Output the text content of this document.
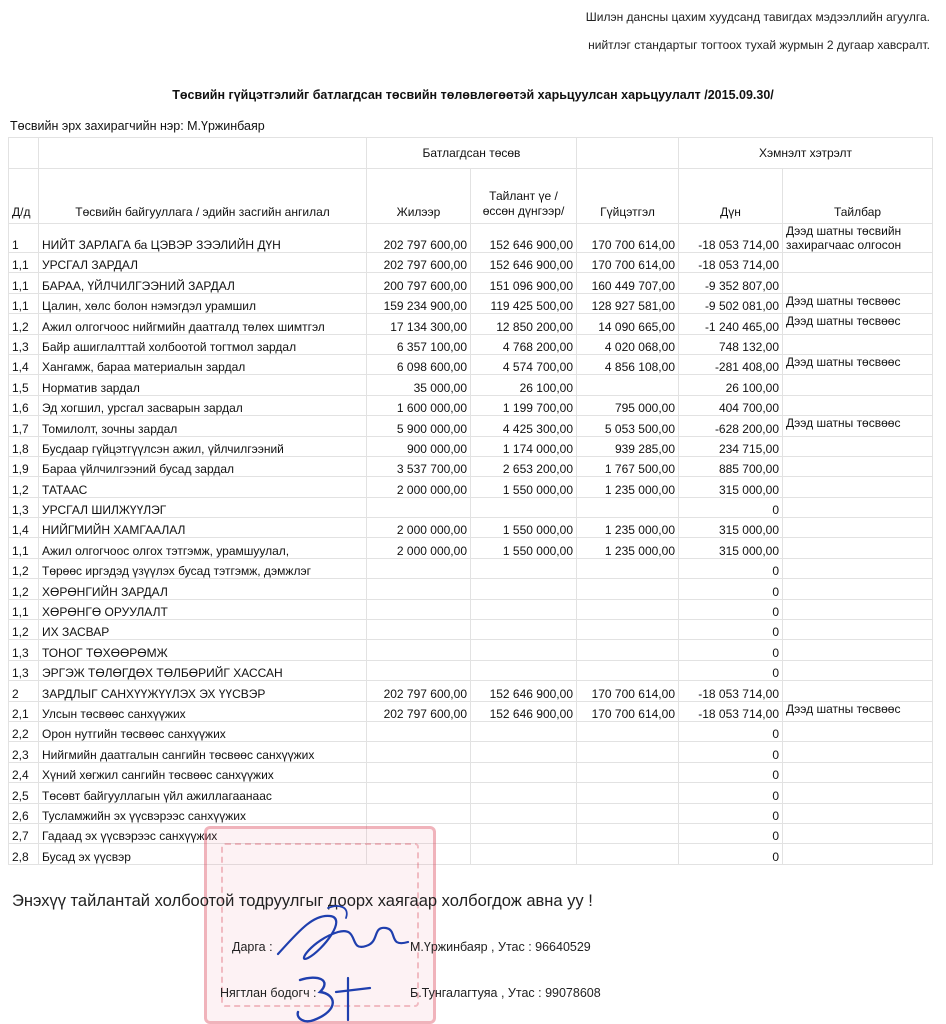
Шилэн дансны цахим хуудсанд тавигдах мэдээллийн агуулга.
нийтлэг стандартыг тогтоох тухай журмын 2 дугаар хавсралт.
Төсвийн гүйцэтгэлийг батлагдсан төсвийн төлөвлөгөөтэй харьцуулсан харьцуулалт /2015.09.30/
Төсвийн эрх захирагчийн нэр: М.Үржинбаяр
		Батлагдсан төсөв			Хэмнэлт хэтрэлт	
Д/д	Төсвийн байгууллага / эдийн засгийн ангилал	Жилээр	Тайлант үе /өссөн дүнгээр/	Гүйцэтгэл	Дүн	Тайлбар
1	НИЙТ ЗАРЛАГА ба ЦЭВЭР ЗЭЭЛИЙН ДҮН	202 797 600,00	152 646 900,00	170 700 614,00	-18 053 714,00	Дээд шатны төсвийн захирагчаас олгосон
1,1	УРСГАЛ ЗАРДАЛ	202 797 600,00	152 646 900,00	170 700 614,00	-18 053 714,00	
1,1	БАРАА, ҮЙЛЧИЛГЭЭНИЙ ЗАРДАЛ	200 797 600,00	151 096 900,00	160 449 707,00	-9 352 807,00	
1,1	Цалин, хөлс болон нэмэгдэл урамшил	159 234 900,00	119 425 500,00	128 927 581,00	-9 502 081,00	Дээд шатны төсвөөс
1,2	Ажил олгогчоос нийгмийн даатгалд төлөх шимтгэл	17 134 300,00	12 850 200,00	14 090 665,00	-1 240 465,00	Дээд шатны төсвөөс
1,3	Байр ашиглалттай холбоотой тогтмол зардал	6 357 100,00	4 768 200,00	4 020 068,00	748 132,00	
1,4	Хангамж, бараа материалын зардал	6 098 600,00	4 574 700,00	4 856 108,00	-281 408,00	Дээд шатны төсвөөс
1,5	Норматив зардал	35 000,00	26 100,00		26 100,00	
1,6	Эд хогшил, урсгал засварын зардал	1 600 000,00	1 199 700,00	795 000,00	404 700,00	
1,7	Томилолт, зочны зардал	5 900 000,00	4 425 300,00	5 053 500,00	-628 200,00	Дээд шатны төсвөөс
1,8	Бусдаар гүйцэтгүүлсэн ажил, үйлчилгээний	900 000,00	1 174 000,00	939 285,00	234 715,00	
1,9	Бараа үйлчилгээний бусад зардал	3 537 700,00	2 653 200,00	1 767 500,00	885 700,00	
1,2	ТАТААС	2 000 000,00	1 550 000,00	1 235 000,00	315 000,00	
1,3	УРСГАЛ ШИЛЖҮҮЛЭГ				0	
1,4	НИЙГМИЙН ХАМГААЛАЛ	2 000 000,00	1 550 000,00	1 235 000,00	315 000,00	
1,1	Ажил олгогчоос олгох тэтгэмж, урамшуулал,	2 000 000,00	1 550 000,00	1 235 000,00	315 000,00	
1,2	Төрөөс иргэдэд үзүүлэх бусад тэтгэмж, дэмжлэг				0	
1,2	ХӨРӨНГИЙН ЗАРДАЛ				0	
1,1	ХӨРӨНГӨ ОРУУЛАЛТ				0	
1,2	ИХ ЗАСВАР				0	
1,3	ТОНОГ ТӨХӨӨРӨМЖ				0	
1,3	ЭРГЭЖ ТӨЛӨГДӨХ ТӨЛБӨРИЙГ ХАССАН				0	
2	ЗАРДЛЫГ САНХҮҮЖҮҮЛЭХ ЭХ ҮҮСВЭР	202 797 600,00	152 646 900,00	170 700 614,00	-18 053 714,00	
2,1	Улсын төсвөөс санхүүжих	202 797 600,00	152 646 900,00	170 700 614,00	-18 053 714,00	Дээд шатны төсвөөс
2,2	Орон нутгийн төсвөөс санхүүжих				0	
2,3	Нийгмийн даатгалын сангийн төсвөөс санхүүжих				0	
2,4	Хүний хөгжил сангийн төсвөөс санхүүжих				0	
2,5	Төсөвт байгууллагын үйл ажиллагаанаас				0	
2,6	Тусламжийн эх үүсвэрээс санхүүжих				0	
2,7	Гадаад эх үүсвэрээс санхүүжих				0	
2,8	Бусад эх үүсвэр				0	
Энэхүү тайлантай холбоотой тодруулгыг доорх хаягаар холбогдож авна уу !
Дарга :	М.Үржинбаяр , Утас : 96640529
Нягтлан бодогч :	Б.Тунгалагтуяа , Утас : 99078608
